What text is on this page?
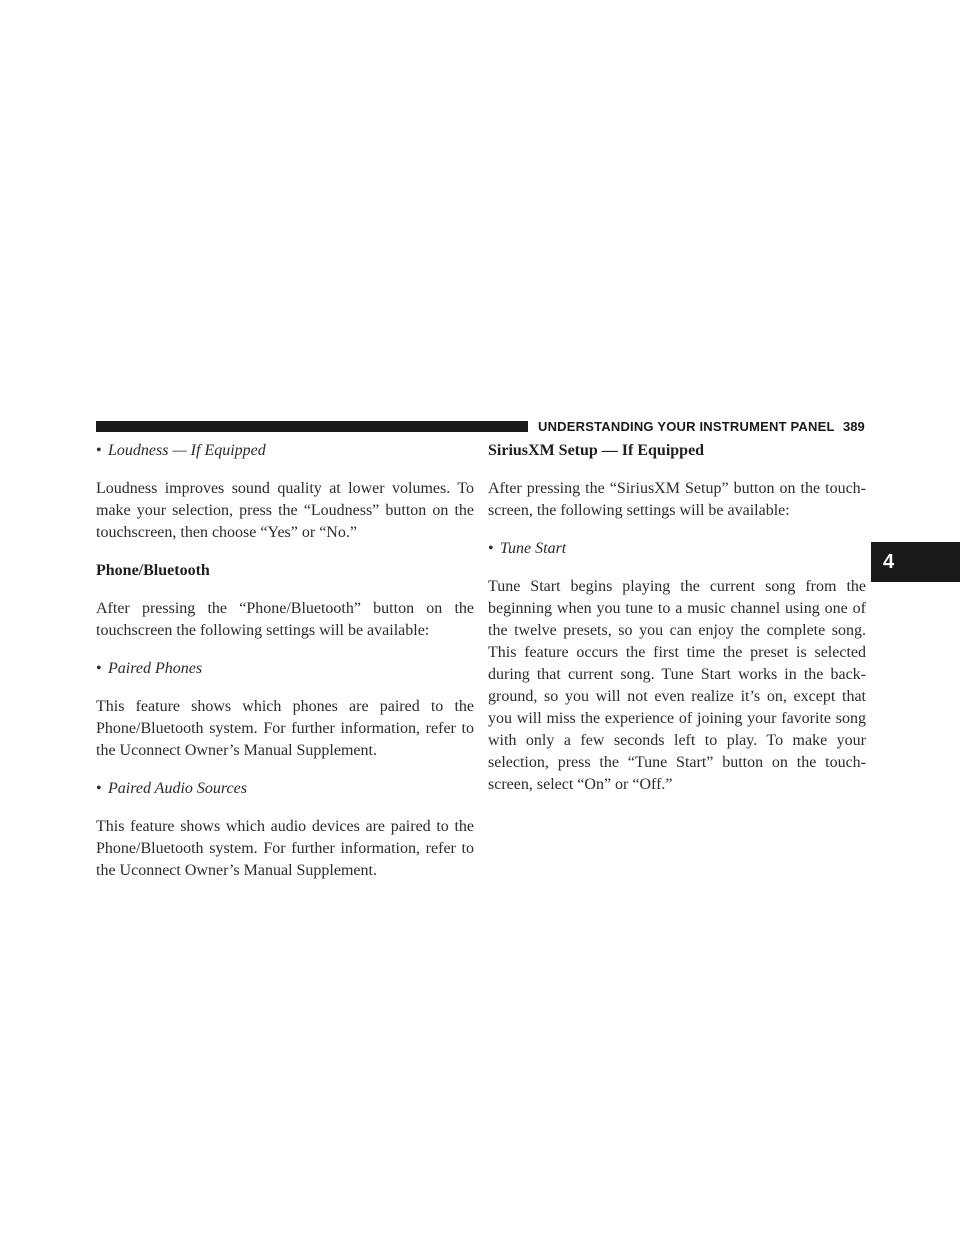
UNDERSTANDING YOUR INSTRUMENT PANEL 389
4
• Loudness — If Equipped

Loudness improves sound quality at lower volumes. To make your selection, press the “Loudness” button on the touchscreen, then choose “Yes” or “No.”

Phone/Bluetooth

After pressing the “Phone/Bluetooth” button on the touchscreen the following settings will be available:

• Paired Phones

This feature shows which phones are paired to the Phone/Bluetooth system. For further information, refer to the Uconnect Owner’s Manual Supplement.

• Paired Audio Sources

This feature shows which audio devices are paired to the Phone/Bluetooth system. For further information, refer to the Uconnect Owner’s Manual Supplement.

SiriusXM Setup — If Equipped

After pressing the “SiriusXM Setup” button on the touch-screen, the following settings will be available:

• Tune Start

Tune Start begins playing the current song from the beginning when you tune to a music channel using one of the twelve presets, so you can enjoy the complete song. This feature occurs the first time the preset is selected during that current song. Tune Start works in the back-ground, so you will not even realize it’s on, except that you will miss the experience of joining your favorite song with only a few seconds left to play. To make your selection, press the “Tune Start” button on the touch-screen, select “On” or “Off.”
